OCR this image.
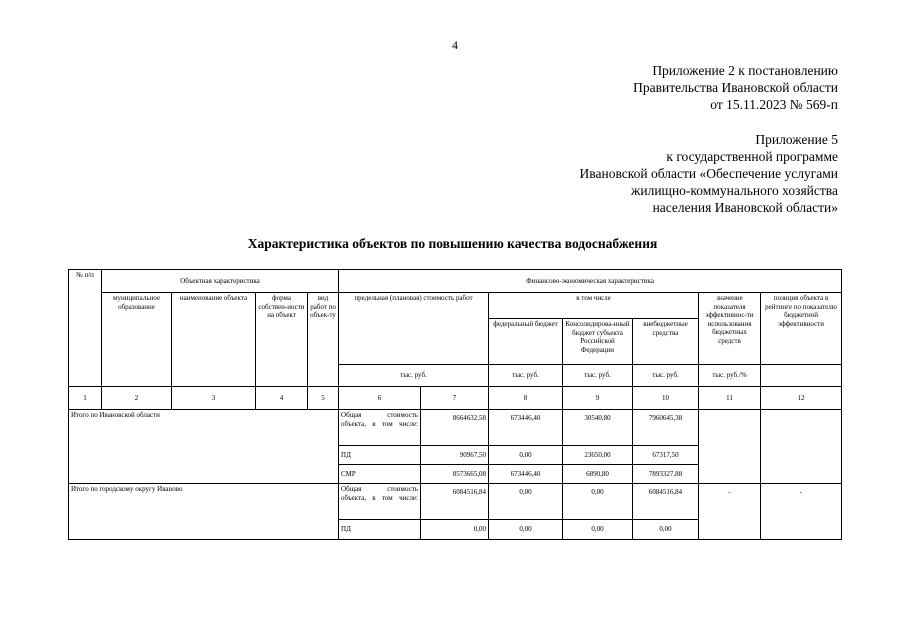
4
Приложение 2 к постановлению
Правительства Ивановской области
от 15.11.2023 № 569-п
Приложение 5
к государственной программе
Ивановской области «Обеспечение услугами
жилищно-коммунального хозяйства
населения Ивановской области»
Характеристика объектов по повышению качества водоснабжения
№ п/п	Объектная характеристика				Финансово-экономическая характеристика						
	муниципальное образование	наименование объекта	форма собствен-ности на объект	вид работ по объек-ту	предельная (плановая) стоимость работ		в том числе			значение показателя эффективнос-ти использования бюджетных средств	позиция объекта в рейтинге по показателю бюджетной эффективности
							федеральный бюджет	Консолидирова-нный бюджет субъекта Российской Федерации	внебюджетные средства		
					тыс. руб.		тыс. руб.	тыс. руб.	тыс. руб.	тыс. руб./%	
1	2	3	4	5	6	7	8	9	10	11	12
Итого по Ивановской области					Общая стоимость объекта, в том числе:	8664632,58	673446,40	30540,80	7960645,38		
					ПД	90967,50	0,00	23650,00	67317,50		
					СМР	8573665,08	673446,40	6890,80	7893327,88		
Итого по городскому округу Иваново					Общая стоимость объекта, в том числе:	6084516,84	0,00	0,00	6084516,84	-	-
					ПД	0,00	0,00	0,00	0,00		
